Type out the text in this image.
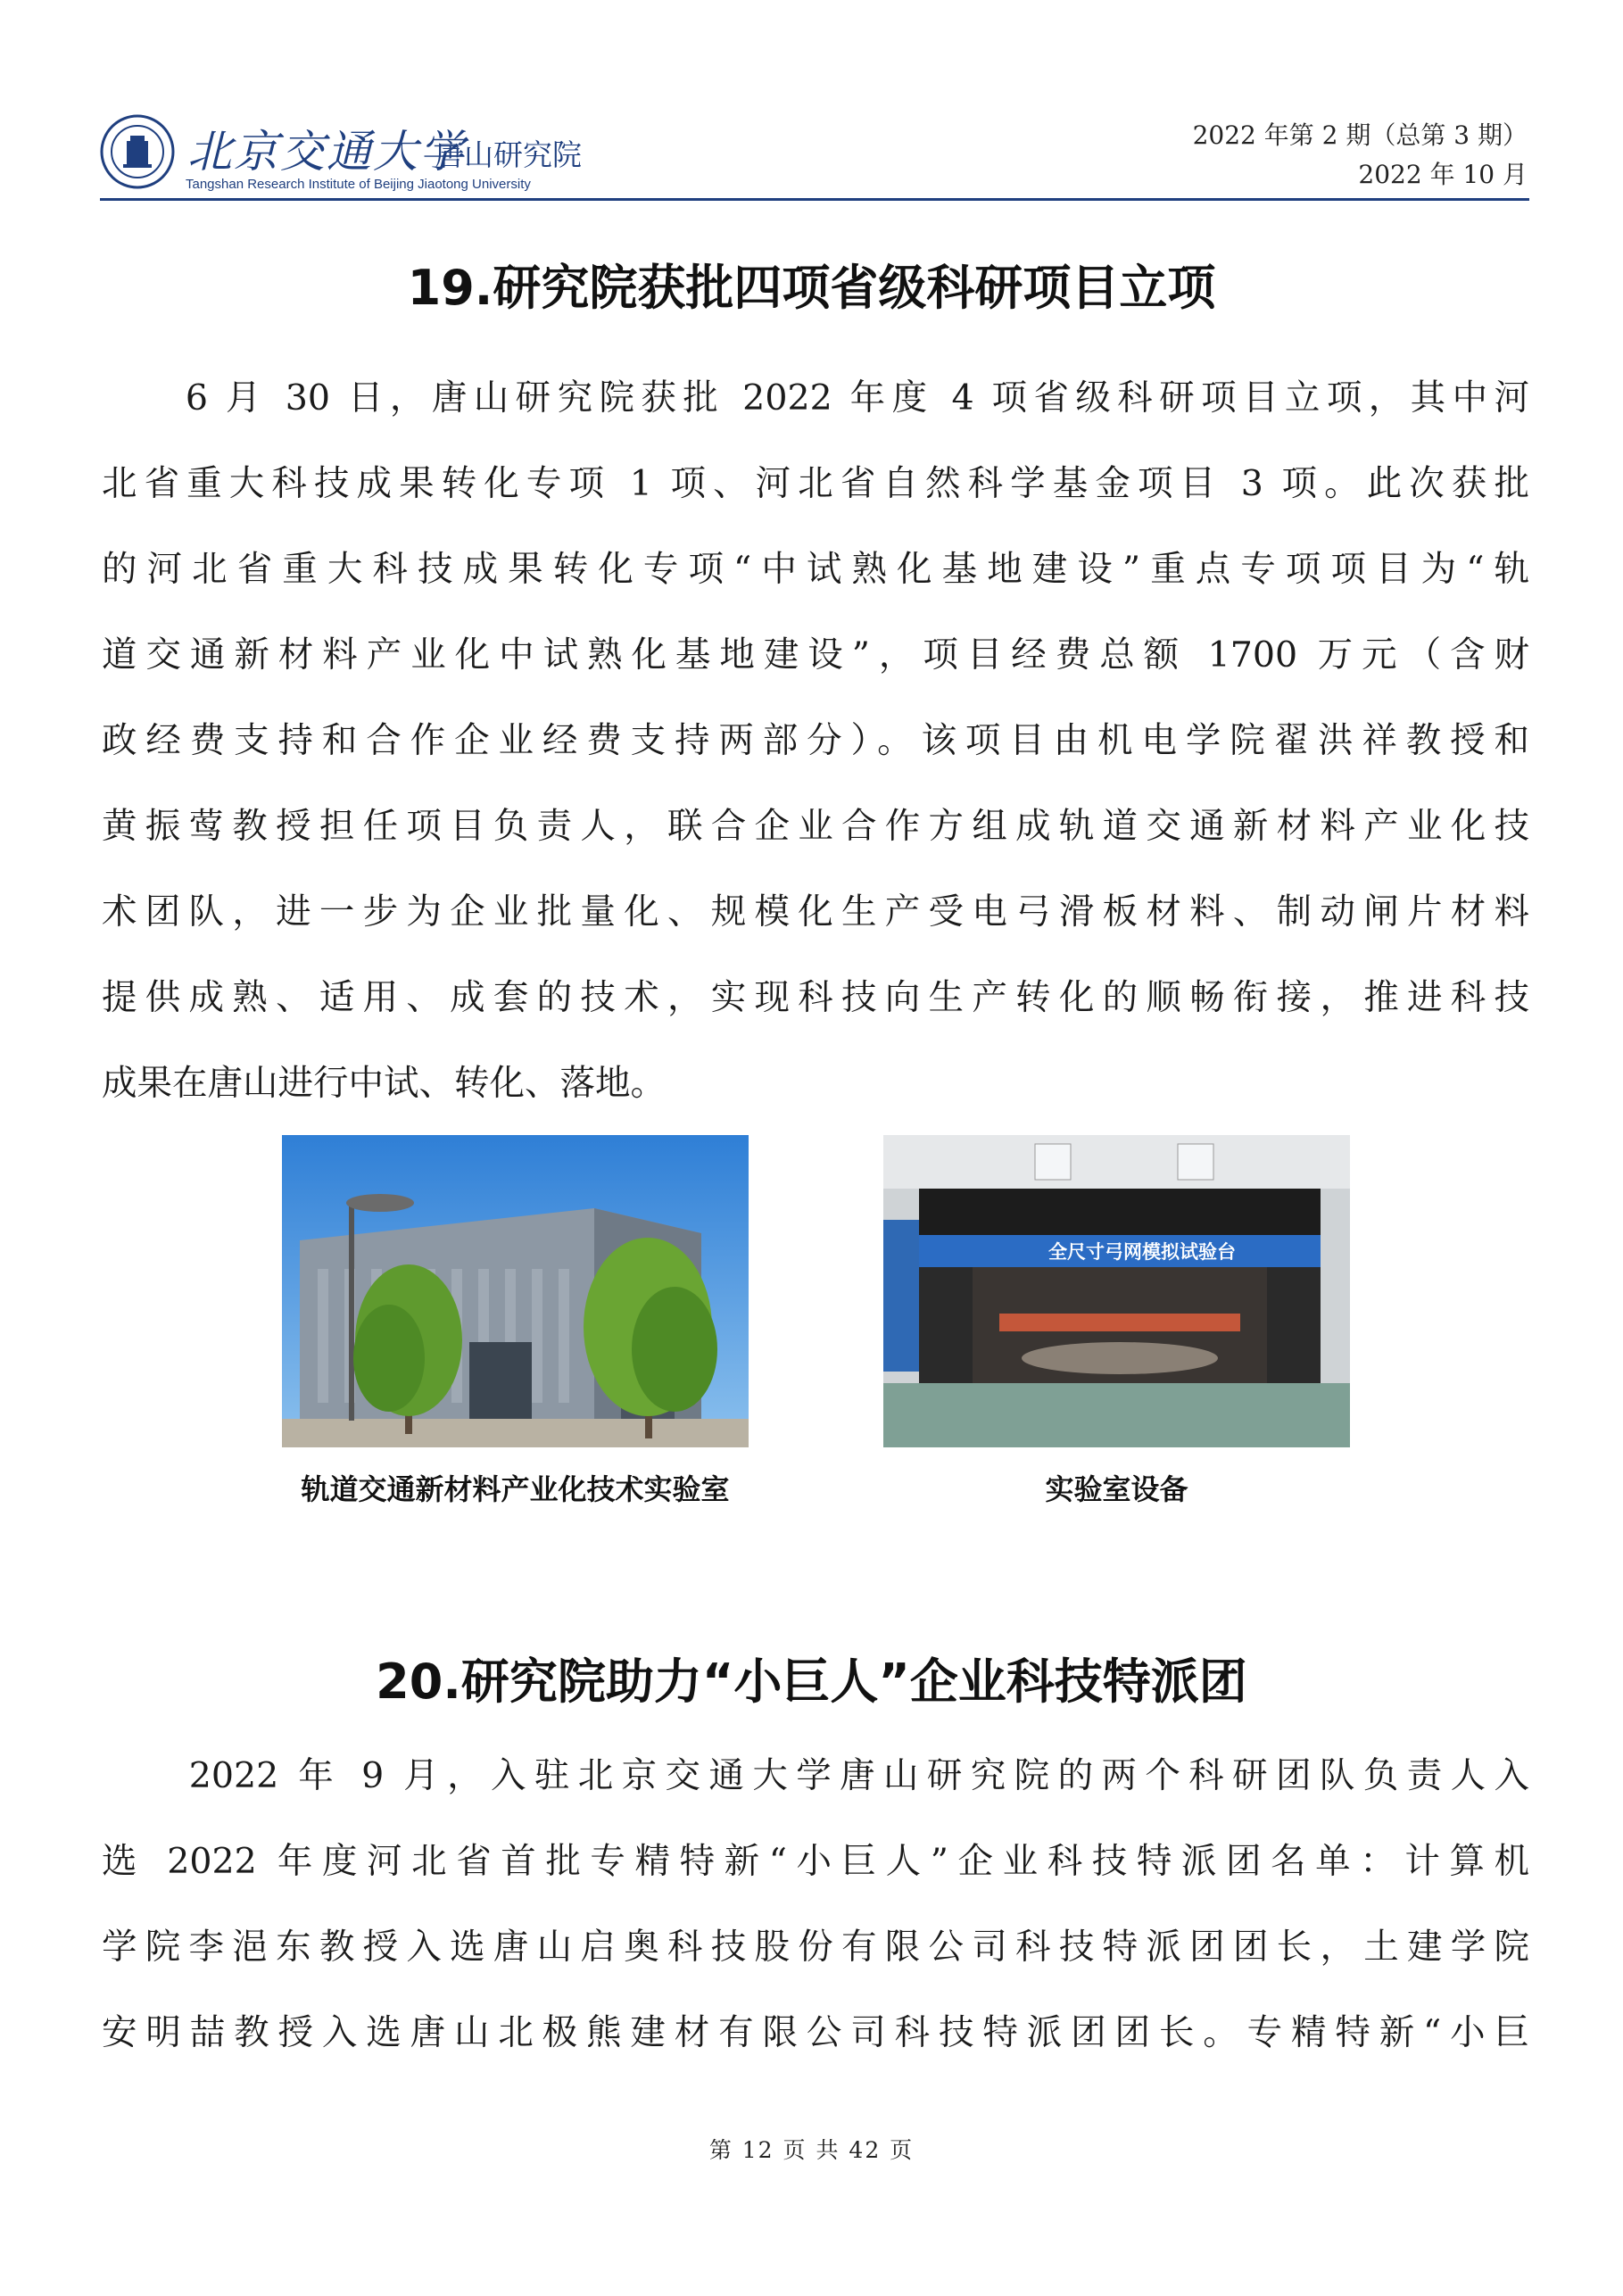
北京交通大学
唐山研究院
Tangshan Research Institute of Beijing Jiaotong University
2022 年第 2 期（总第 3 期）
2022 年 10 月
19.研究院获批四项省级科研项目立项
　　6 月 30 日，唐山研究院获批 2022 年度 4 项省级科研项目立项，其中河
北省重大科技成果转化专项 1 项、河北省自然科学基金项目 3 项。此次获批
的河北省重大科技成果转化专项“中试熟化基地建设”重点专项项目为“轨
道交通新材料产业化中试熟化基地建设”，项目经费总额 1700 万元（含财
政经费支持和合作企业经费支持两部分）。该项目由机电学院翟洪祥教授和
黄振莺教授担任项目负责人，联合企业合作方组成轨道交通新材料产业化技
术团队，进一步为企业批量化、规模化生产受电弓滑板材料、制动闸片材料
提供成熟、适用、成套的技术，实现科技向生产转化的顺畅衔接，推进科技
成果在唐山进行中试、转化、落地。
轨道交通新材料产业化技术实验室
全尺寸弓网模拟试验台
实验室设备
20.研究院助力“小巨人”企业科技特派团
　　2022 年 9 月，入驻北京交通大学唐山研究院的两个科研团队负责人入
选 2022 年度河北省首批专精特新“小巨人”企业科技特派团名单：计算机
学院李浥东教授入选唐山启奥科技股份有限公司科技特派团团长，土建学院
安明喆教授入选唐山北极熊建材有限公司科技特派团团长。专精特新“小巨
第 12 页 共 42 页
